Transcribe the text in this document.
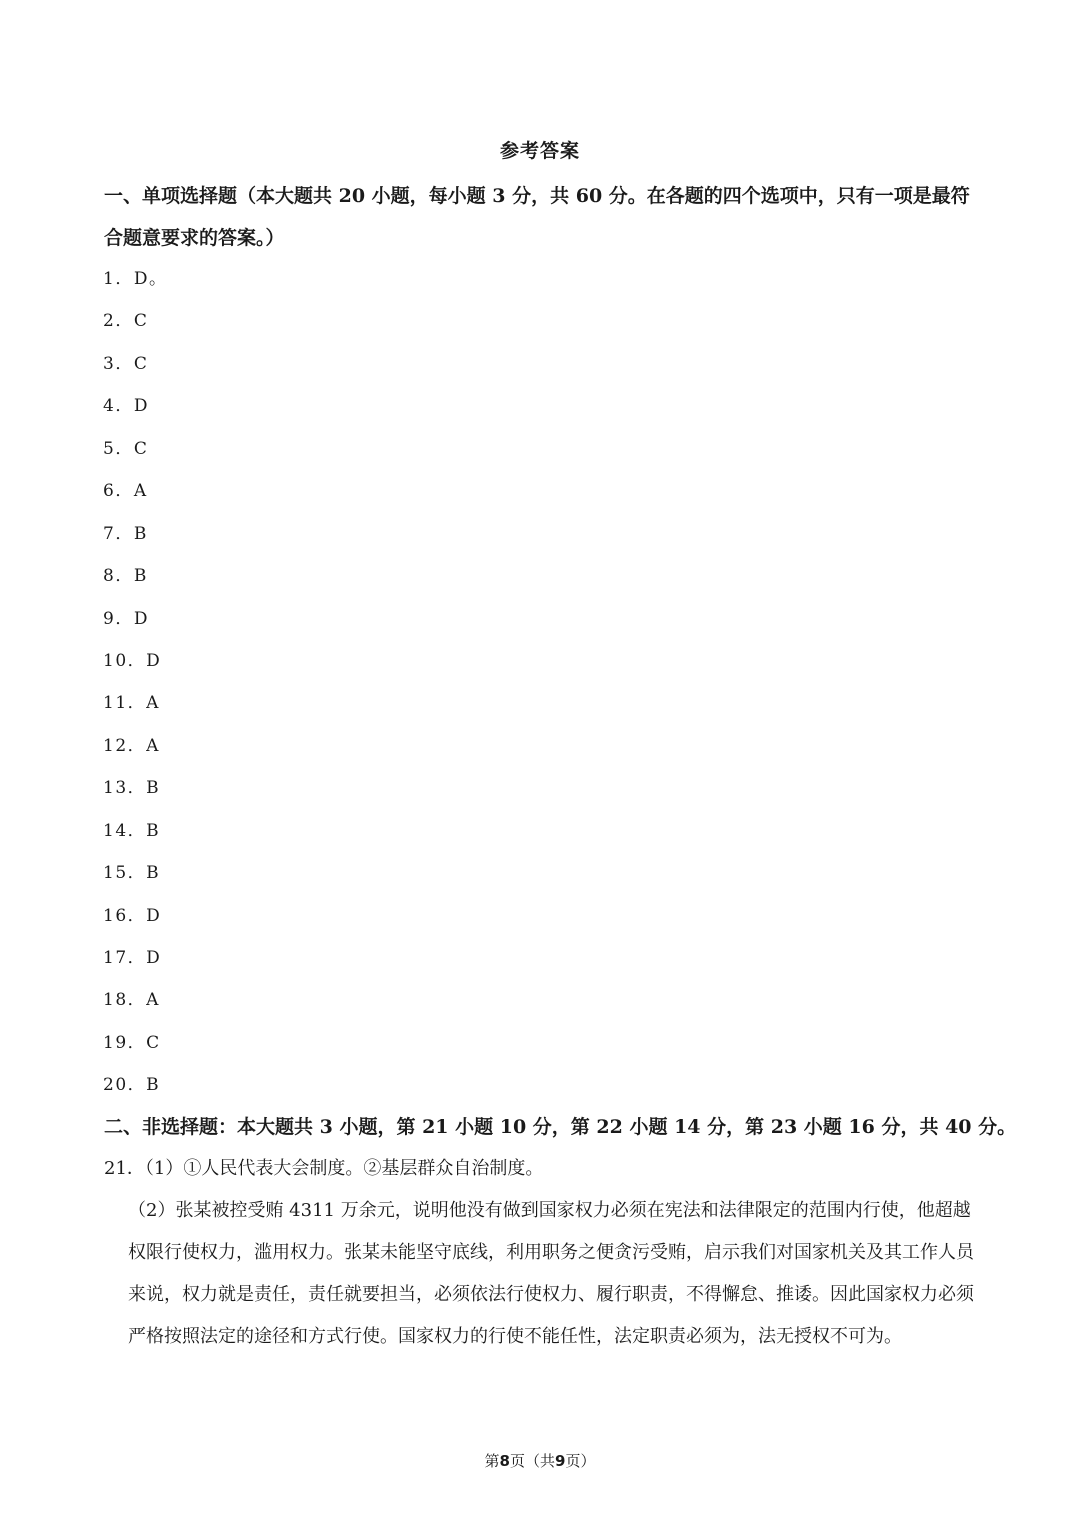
参考答案
一、单项选择题（本大题共 20 小题，每小题 3 分，共 60 分。在各题的四个选项中，只有一项是最符合题意要求的答案。）
1．D。
2．C
3．C
4．D
5．C
6．A
7．B
8．B
9．D
10．D
11．A
12．A
13．B
14．B
15．B
16．D
17．D
18．A
19．C
20．B
二、非选择题：本大题共 3 小题，第 21 小题 10 分，第 22 小题 14 分，第 23 小题 16 分，共 40 分。
21．（1）①人民代表大会制度。②基层群众自治制度。
（2）张某被控受贿 4311 万余元，说明他没有做到国家权力必须在宪法和法律限定的范围内行使，他超越权限行使权力，滥用权力。张某未能坚守底线，利用职务之便贪污受贿，启示我们对国家机关及其工作人员来说，权力就是责任，责任就要担当，必须依法行使权力、履行职责，不得懈怠、推诿。因此国家权力必须严格按照法定的途径和方式行使。国家权力的行使不能任性，法定职责必须为，法无授权不可为。
第8页（共9页）
